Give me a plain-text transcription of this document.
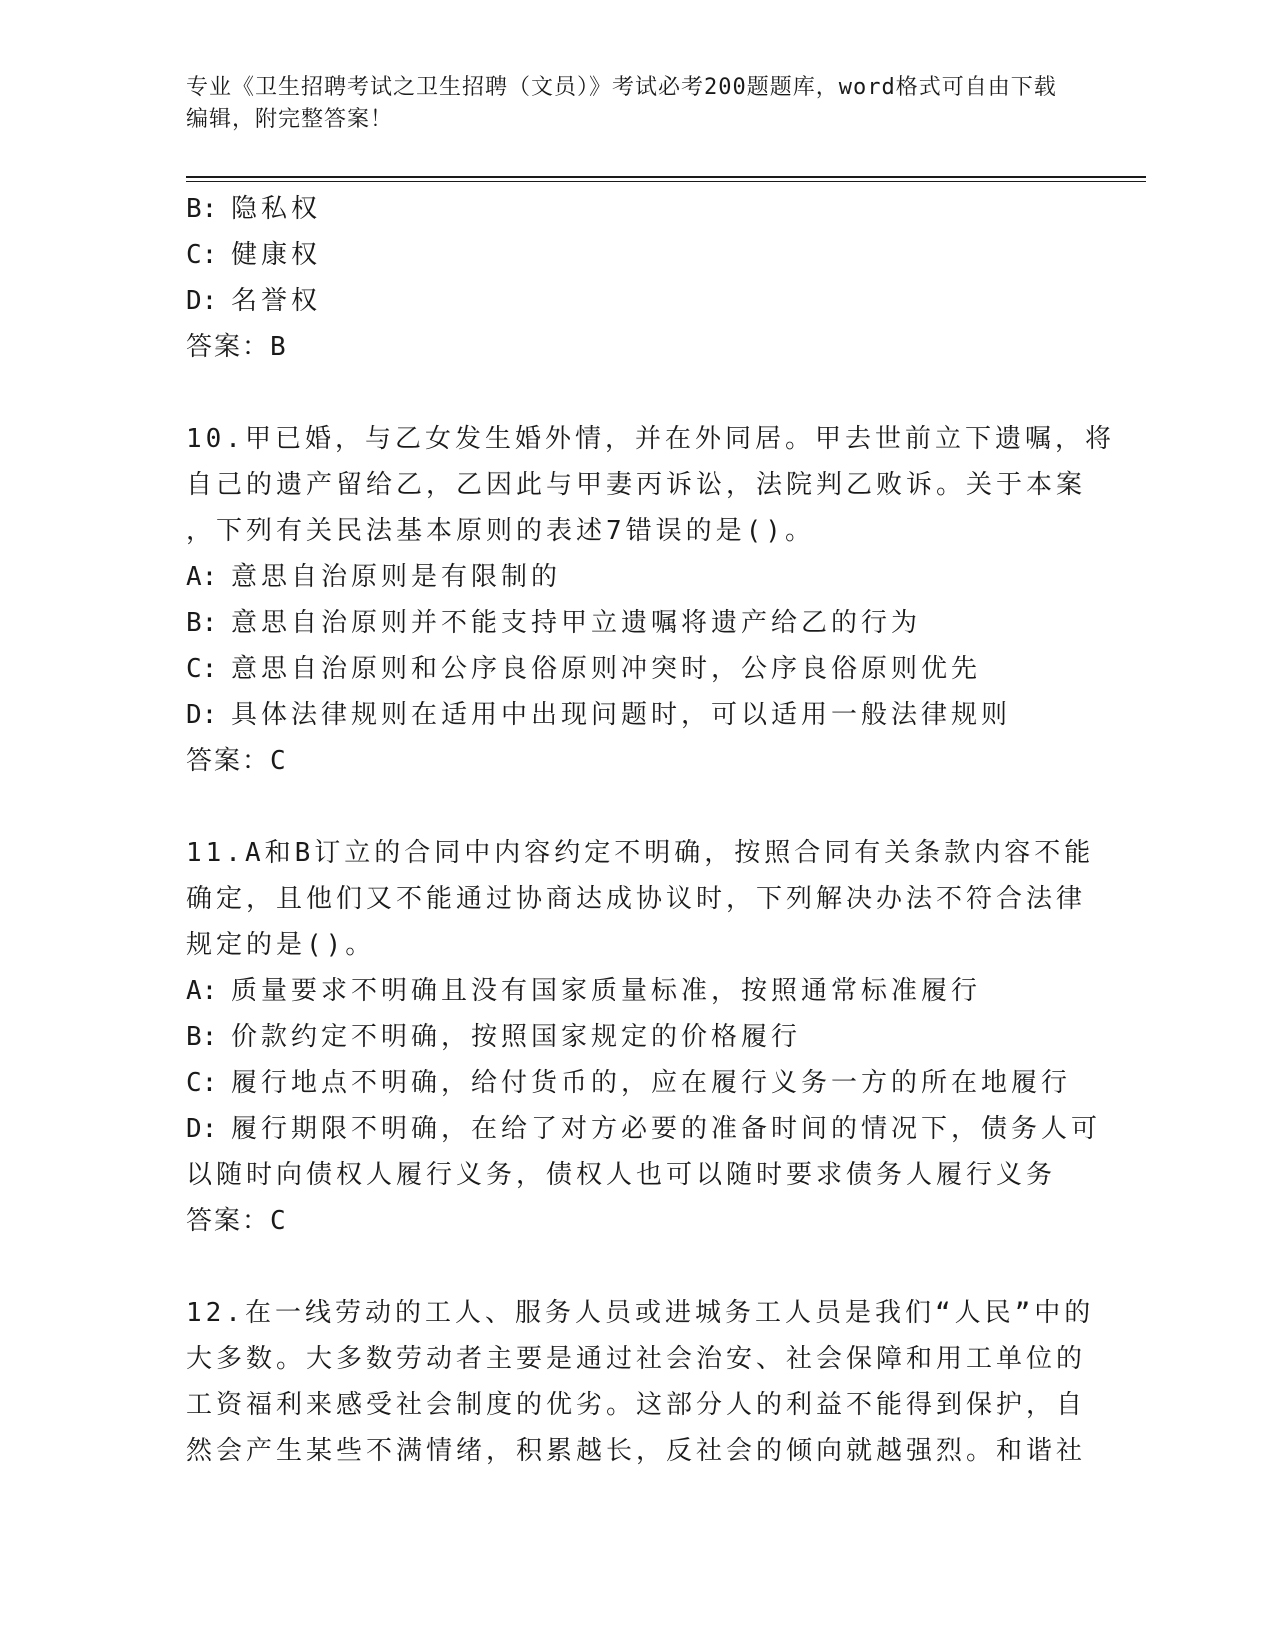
专业《卫生招聘考试之卫生招聘（文员）》考试必考200题题库，word格式可自由下载编辑，附完整答案！

B: 隐私权

C: 健康权

D: 名誉权

答案：B

10.甲已婚，与乙女发生婚外情，并在外同居。甲去世前立下遗嘱，将

自己的遗产留给乙，乙因此与甲妻丙诉讼，法院判乙败诉。关于本案

，下列有关民法基本原则的表述7错误的是()。

A: 意思自治原则是有限制的

B: 意思自治原则并不能支持甲立遗嘱将遗产给乙的行为

C: 意思自治原则和公序良俗原则冲突时，公序良俗原则优先

D: 具体法律规则在适用中出现问题时，可以适用一般法律规则

答案：C

11.A和B订立的合同中内容约定不明确，按照合同有关条款内容不能

确定，且他们又不能通过协商达成协议时，下列解决办法不符合法律

规定的是()。

A: 质量要求不明确且没有国家质量标准，按照通常标准履行

B: 价款约定不明确，按照国家规定的价格履行

C: 履行地点不明确，给付货币的，应在履行义务一方的所在地履行

D: 履行期限不明确，在给了对方必要的准备时间的情况下，债务人可

以随时向债权人履行义务，债权人也可以随时要求债务人履行义务

答案：C

12.在一线劳动的工人、服务人员或进城务工人员是我们“人民”中的

大多数。大多数劳动者主要是通过社会治安、社会保障和用工单位的

工资福利来感受社会制度的优劣。这部分人的利益不能得到保护，自

然会产生某些不满情绪，积累越长，反社会的倾向就越强烈。和谐社
